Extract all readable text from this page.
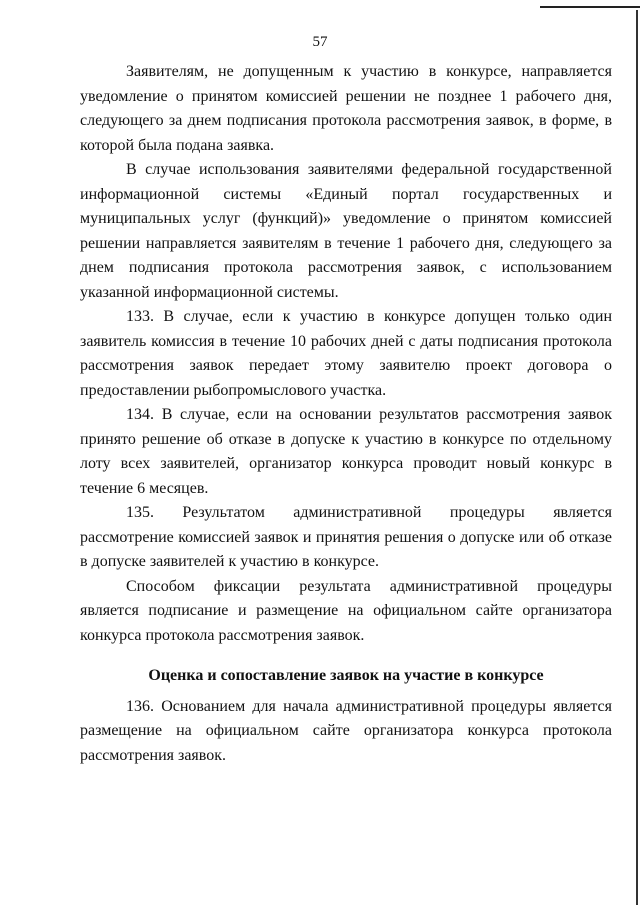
57

Заявителям, не допущенным к участию в конкурсе, направляется уведомление о принятом комиссией решении не позднее 1 рабочего дня, следующего за днем подписания протокола рассмотрения заявок, в форме, в которой была подана заявка.

В случае использования заявителями федеральной государственной информационной системы «Единый портал государственных и муниципальных услуг (функций)» уведомление о принятом комиссией решении направляется заявителям в течение 1 рабочего дня, следующего за днем подписания протокола рассмотрения заявок, с использованием указанной информационной системы.

133. В случае, если к участию в конкурсе допущен только один заявитель комиссия в течение 10 рабочих дней с даты подписания протокола рассмотрения заявок передает этому заявителю проект договора о предоставлении рыбопромыслового участка.

134. В случае, если на основании результатов рассмотрения заявок принято решение об отказе в допуске к участию в конкурсе по отдельному лоту всех заявителей, организатор конкурса проводит новый конкурс в течение 6 месяцев.

135. Результатом административной процедуры является рассмотрение комиссией заявок и принятия решения о допуске или об отказе в допуске заявителей к участию в конкурсе.

Способом фиксации результата административной процедуры является подписание и размещение на официальном сайте организатора конкурса протокола рассмотрения заявок.

Оценка и сопоставление заявок на участие в конкурсе

136. Основанием для начала административной процедуры является размещение на официальном сайте организатора конкурса протокола рассмотрения заявок.
